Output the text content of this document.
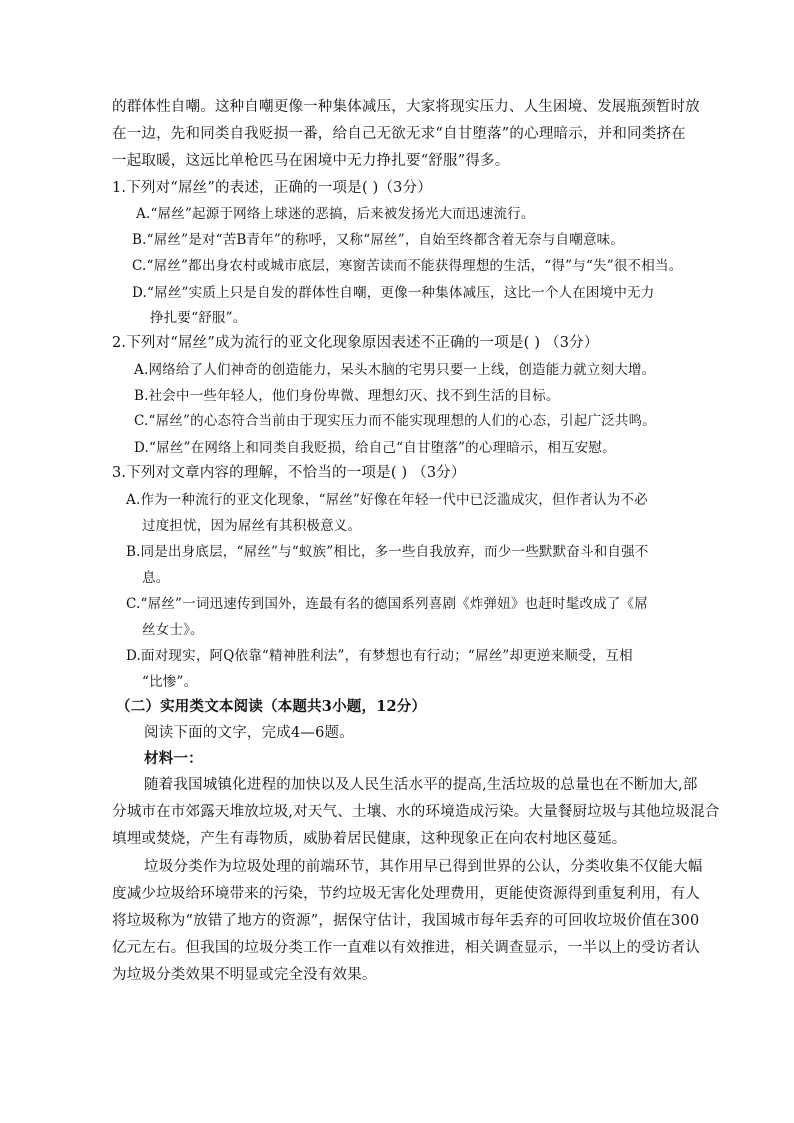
的群体性自嘲。这种自嘲更像一种集体减压，大家将现实压力、人生困境、发展瓶颈暂时放
在一边，先和同类自我贬损一番，给自己无欲无求“自甘堕落”的心理暗示，并和同类挤在
一起取暖，这远比单枪匹马在困境中无力挣扎要“舒服”得多。
1.下列对“屌丝”的表述，正确的一项是( )（3分）
A.“屌丝”起源于网络上球迷的恶搞，后来被发扬光大而迅速流行。
B.“屌丝”是对“苦B青年”的称呼，又称“屌丝”，自始至终都含着无奈与自嘲意味。
C.“屌丝”都出身农村或城市底层，寒窗苦读而不能获得理想的生活，“得”与“失”很不相当。
D.“屌丝”实质上只是自发的群体性自嘲，更像一种集体减压，这比一个人在困境中无力
挣扎要“舒服”。
2.下列对“屌丝”成为流行的亚文化现象原因表述不正确的一项是( ) （3分）
A.网络给了人们神奇的创造能力，呆头木脑的宅男只要一上线，创造能力就立刻大增。
B.社会中一些年轻人，他们身份卑微、理想幻灭、找不到生活的目标。
C.“屌丝”的心态符合当前由于现实压力而不能实现理想的人们的心态，引起广泛共鸣。
D.“屌丝”在网络上和同类自我贬损，给自己“自甘堕落”的心理暗示，相互安慰。
3.下列对文章内容的理解，不恰当的一项是( ) （3分）
A.作为一种流行的亚文化现象，“屌丝”好像在年轻一代中已泛滥成灾，但作者认为不必
过度担忧，因为屌丝有其积极意义。
B.同是出身底层，“屌丝”与“蚁族”相比，多一些自我放弃，而少一些默默奋斗和自强不
息。
C.“屌丝”一词迅速传到国外，连最有名的德国系列喜剧《炸弹妞》也赶时髦改成了《屌
丝女士》。
D.面对现实，阿Q依靠“精神胜利法”，有梦想也有行动；“屌丝”却更逆来顺受，互相
“比惨”。
（二）实用类文本阅读（本题共3小题，12分）
阅读下面的文字，完成4—6题。
材料一：
随着我国城镇化进程的加快以及人民生活水平的提高,生活垃圾的总量也在不断加大,部
分城市在市郊露天堆放垃圾,对天气、土壤、水的环境造成污染。大量餐厨垃圾与其他垃圾混合
填埋或焚烧，产生有毒物质，威胁着居民健康，这种现象正在向农村地区蔓延。
垃圾分类作为垃圾处理的前端环节，其作用早已得到世界的公认，分类收集不仅能大幅
度减少垃圾给环境带来的污染，节约垃圾无害化处理费用，更能使资源得到重复利用，有人
将垃圾称为“放错了地方的资源”，据保守估计，我国城市每年丢弃的可回收垃圾价值在300
亿元左右。但我国的垃圾分类工作一直难以有效推进，相关调查显示，一半以上的受访者认
为垃圾分类效果不明显或完全没有效果。
